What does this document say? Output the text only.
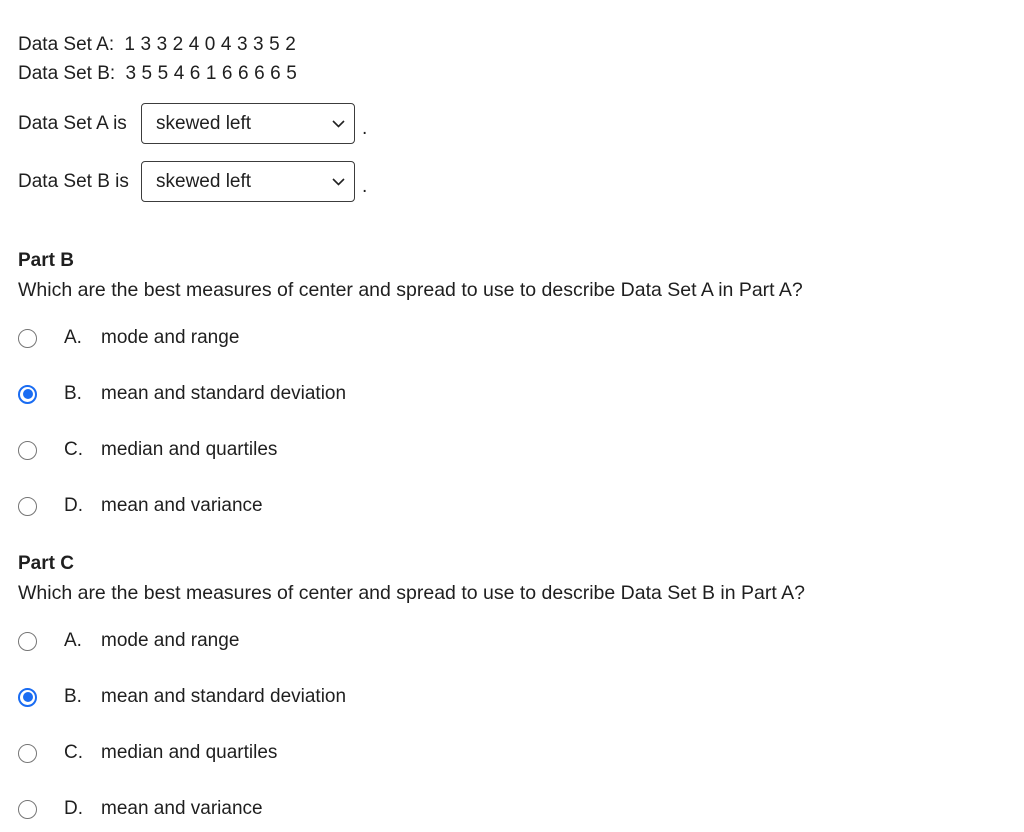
Data Set A: 1 3 3 2 4 0 4 3 3 5 2
Data Set B: 3 5 5 4 6 1 6 6 6 6 5
Data Set A is	skewed left	.
Data Set B is	skewed left	.
Part B
Which are the best measures of center and spread to use to describe Data Set A in Part A?
A.	mode and range
B.	mean and standard deviation
C. median and quartiles
D. mean and variance
Part C
Which are the best measures of center and spread to use to describe Data Set B in Part A?
A.	mode and range
B.	mean and standard deviation
C. median and quartiles
D. mean and variance
